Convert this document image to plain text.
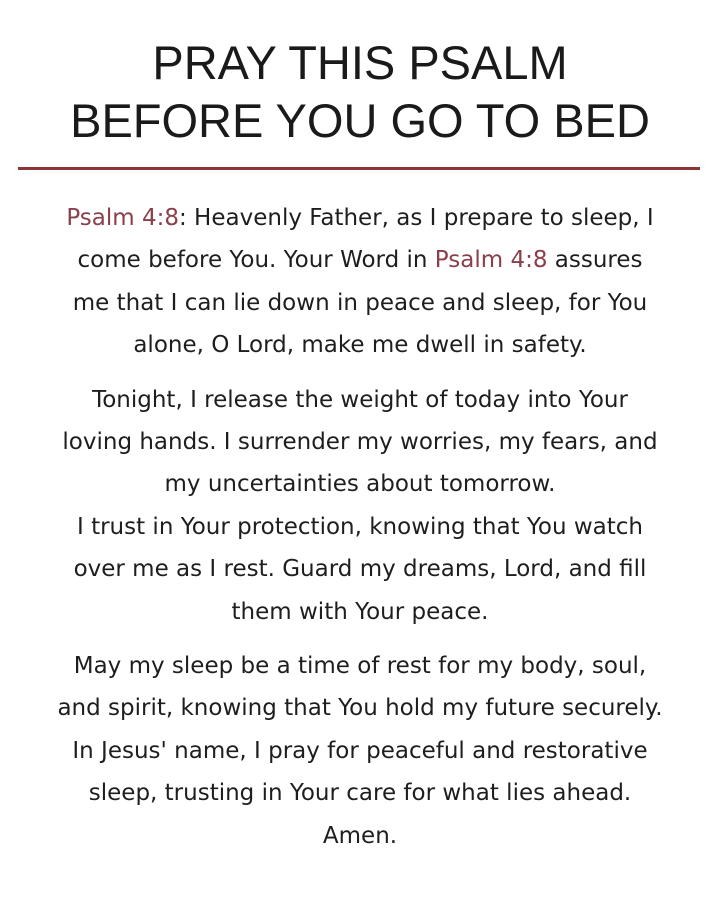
PRAY THIS PSALM
BEFORE YOU GO TO BED

Psalm 4:8: Heavenly Father, as I prepare to sleep, I
come before You. Your Word in Psalm 4:8 assures
me that I can lie down in peace and sleep, for You
alone, O Lord, make me dwell in safety.

Tonight, I release the weight of today into Your
loving hands. I surrender my worries, my fears, and
my uncertainties about tomorrow.
I trust in Your protection, knowing that You watch
over me as I rest. Guard my dreams, Lord, and fill
them with Your peace.

May my sleep be a time of rest for my body, soul,
and spirit, knowing that You hold my future securely.
In Jesus' name, I pray for peaceful and restorative
sleep, trusting in Your care for what lies ahead.
Amen.
